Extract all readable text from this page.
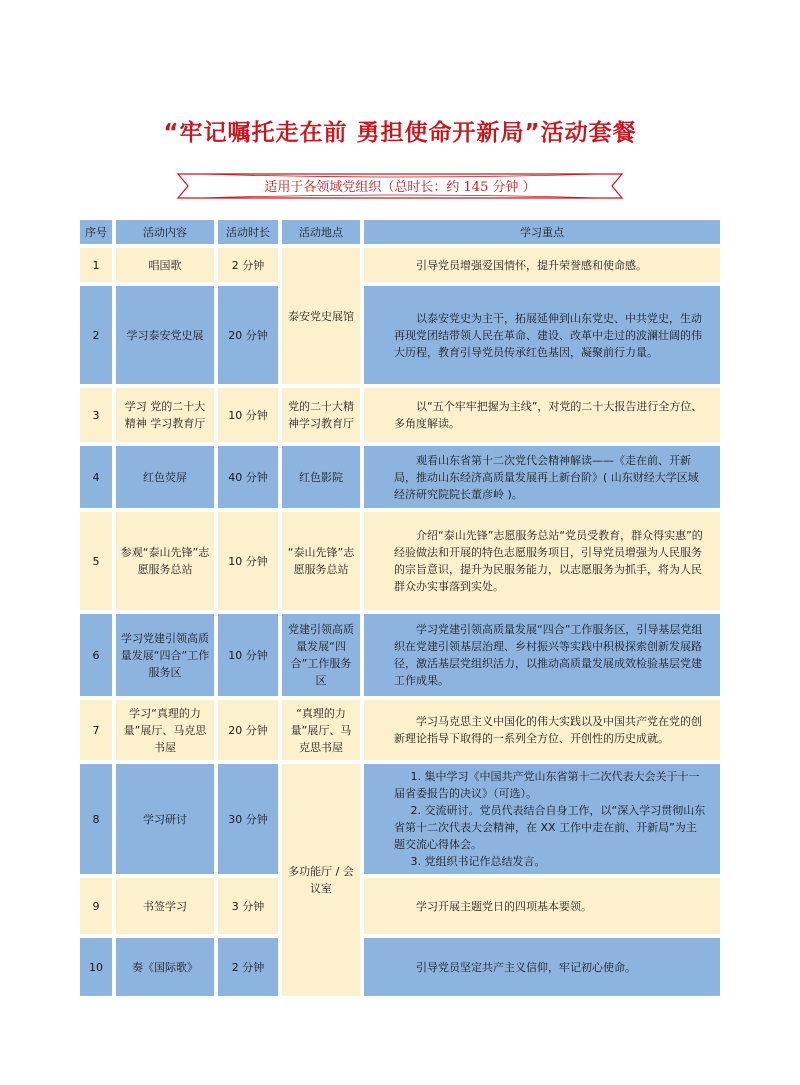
“牢记嘱托走在前 勇担使命开新局”活动套餐
适用于各领域党组织（总时长：约 145 分钟 ）
序号	活动内容	活动时长	活动地点	学习重点
1	唱国歌	2 分钟	泰安党史展馆	引导党员增强爱国情怀，提升荣誉感和使命感。
2	学习泰安党史展	20 分钟		以泰安党史为主干，拓展延伸到山东党史、中共党史，生动再现党团结带领人民在革命、建设、改革中走过的波澜壮阔的伟大历程，教育引导党员传承红色基因，凝聚前行力量。
3	学习 党的二十大精神 学习教育厅	10 分钟	党的二十大精神学习教育厅	以“五个牢牢把握为主线”，对党的二十大报告进行全方位、多角度解读。
4	红色荧屏	40 分钟	红色影院	观看山东省第十二次党代会精神解读——《走在前、开新局，推动山东经济高质量发展再上新台阶》( 山东财经大学区域经济研究院院长董彦岭 )。
5	参观“泰山先锋”志愿服务总站	10 分钟	“泰山先锋”志愿服务总站	介绍“泰山先锋”志愿服务总站“党员受教育，群众得实惠”的经验做法和开展的特色志愿服务项目，引导党员增强为人民服务的宗旨意识，提升为民服务能力，以志愿服务为抓手，将为人民群众办实事落到实处。
6	学习党建引领高质量发展“四合”工作服务区	10 分钟	党建引领高质量发展“四合”工作服务区	学习党建引领高质量发展“四合”工作服务区，引导基层党组织在党建引领基层治理、乡村振兴等实践中积极探索创新发展路径，激活基层党组织活力，以推动高质量发展成效检验基层党建工作成果。
7	学习“真理的力量”展厅、马克思书屋	20 分钟	“真理的力量”展厅、马克思书屋	学习马克思主义中国化的伟大实践以及中国共产党在党的创新理论指导下取得的一系列全方位、开创性的历史成就。
8	学习研讨	30 分钟	多功能厅 / 会议室	1. 集中学习《中国共产党山东省第十二次代表大会关于十一届省委报告的决议》（可选）。
2. 交流研讨。党员代表结合自身工作，以“深入学习贯彻山东省第十二次代表大会精神，在 XX 工作中走在前、开新局”为主题交流心得体会。
3. 党组织书记作总结发言。

9	书签学习	3 分钟		学习开展主题党日的四项基本要领。
10	奏《国际歌》	2 分钟		引导党员坚定共产主义信仰，牢记初心使命。
